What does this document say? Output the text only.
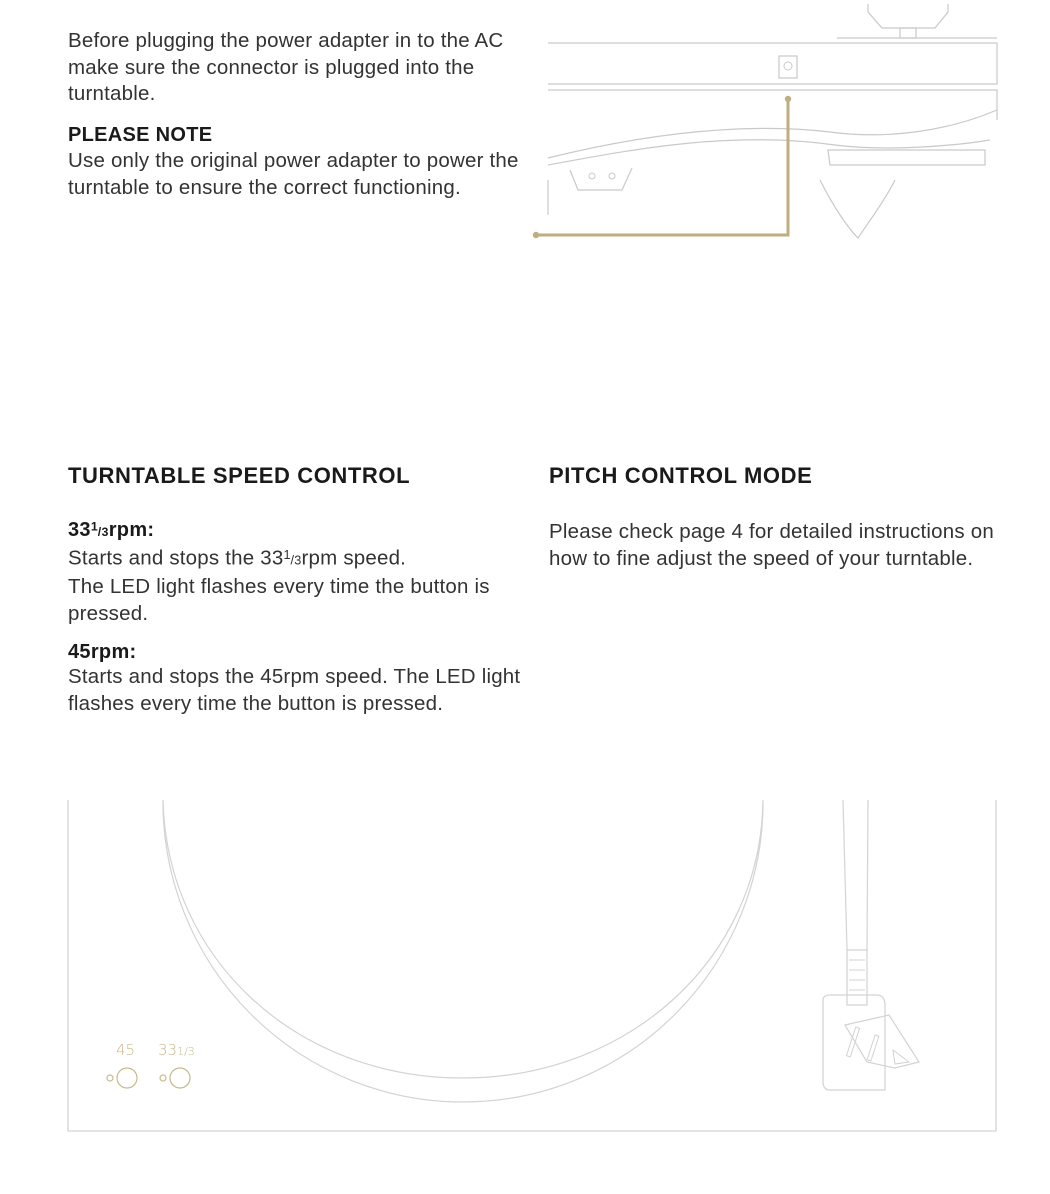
Before plugging the power adapter in to the AC make sure the connector is plugged into the turntable.

PLEASE NOTE

Use only the original power adapter to power the turntable to ensure the correct functioning.

TURNTABLE SPEED CONTROL

$33^1/3rpm$:

Starts and stops the $33^1/3rpm$ speed.

The LED light flashes every time the button is pressed.

45rpm:

Starts and stops the 45rpm speed. The LED light flashes every time the button is pressed.

PITCH CONTROL MODE

Please check page 4 for detailed instructions on how to fine adjust the speed of your turntable.

45 331/3
